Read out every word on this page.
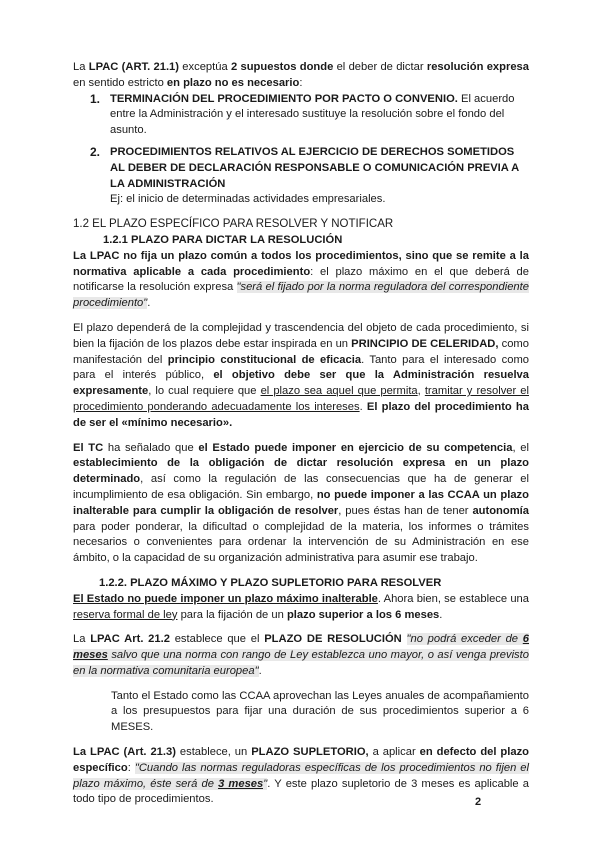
La LPAC (ART. 21.1) exceptúa 2 supuestos donde el deber de dictar resolución expresa en sentido estricto en plazo no es necesario:

1. TERMINACIÓN DEL PROCEDIMIENTO POR PACTO O CONVENIO. El acuerdo entre la Administración y el interesado sustituye la resolución sobre el fondo del asunto.
2. PROCEDIMIENTOS RELATIVOS AL EJERCICIO DE DERECHOS SOMETIDOS AL DEBER DE DECLARACIÓN RESPONSABLE O COMUNICACIÓN PREVIA A LA ADMINISTRACIÓN
Ej: el inicio de determinadas actividades empresariales.

1.2 EL PLAZO ESPECÍFICO PARA RESOLVER Y NOTIFICAR

1.2.1 PLAZO PARA DICTAR LA RESOLUCIÓN

La LPAC no fija un plazo común a todos los procedimientos, sino que se remite a la normativa aplicable a cada procedimiento: el plazo máximo en el que deberá de notificarse la resolución expresa "será el fijado por la norma reguladora del correspondiente procedimiento".

El plazo dependerá de la complejidad y trascendencia del objeto de cada procedimiento, si bien la fijación de los plazos debe estar inspirada en un PRINCIPIO DE CELERIDAD, como manifestación del principio constitucional de eficacia. Tanto para el interesado como para el interés público, el objetivo debe ser que la Administración resuelva expresamente, lo cual requiere que el plazo sea aquel que permita, tramitar y resolver el procedimiento ponderando adecuadamente los intereses. El plazo del procedimiento ha de ser el «mínimo necesario».

El TC ha señalado que el Estado puede imponer en ejercicio de su competencia, el establecimiento de la obligación de dictar resolución expresa en un plazo determinado, así como la regulación de las consecuencias que ha de generar el incumplimiento de esa obligación. Sin embargo, no puede imponer a las CCAA un plazo inalterable para cumplir la obligación de resolver, pues éstas han de tener autonomía para poder ponderar, la dificultad o complejidad de la materia, los informes o trámites necesarios o convenientes para ordenar la intervención de su Administración en ese ámbito, o la capacidad de su organización administrativa para asumir ese trabajo.

1.2.2. PLAZO MÁXIMO Y PLAZO SUPLETORIO PARA RESOLVER

El Estado no puede imponer un plazo máximo inalterable. Ahora bien, se establece una reserva formal de ley para la fijación de un plazo superior a los 6 meses.

La LPAC Art. 21.2 establece que el PLAZO DE RESOLUCIÓN "no podrá exceder de 6 meses salvo que una norma con rango de Ley establezca uno mayor, o así venga previsto en la normativa comunitaria europea".

Tanto el Estado como las CCAA aprovechan las Leyes anuales de acompañamiento a los presupuestos para fijar una duración de sus procedimientos superior a 6 MESES.

La LPAC (Art. 21.3) establece, un PLAZO SUPLETORIO, a aplicar en defecto del plazo específico: "Cuando las normas reguladoras específicas de los procedimientos no fijen el plazo máximo, éste será de 3 meses". Y este plazo supletorio de 3 meses es aplicable a todo tipo de procedimientos.	2
